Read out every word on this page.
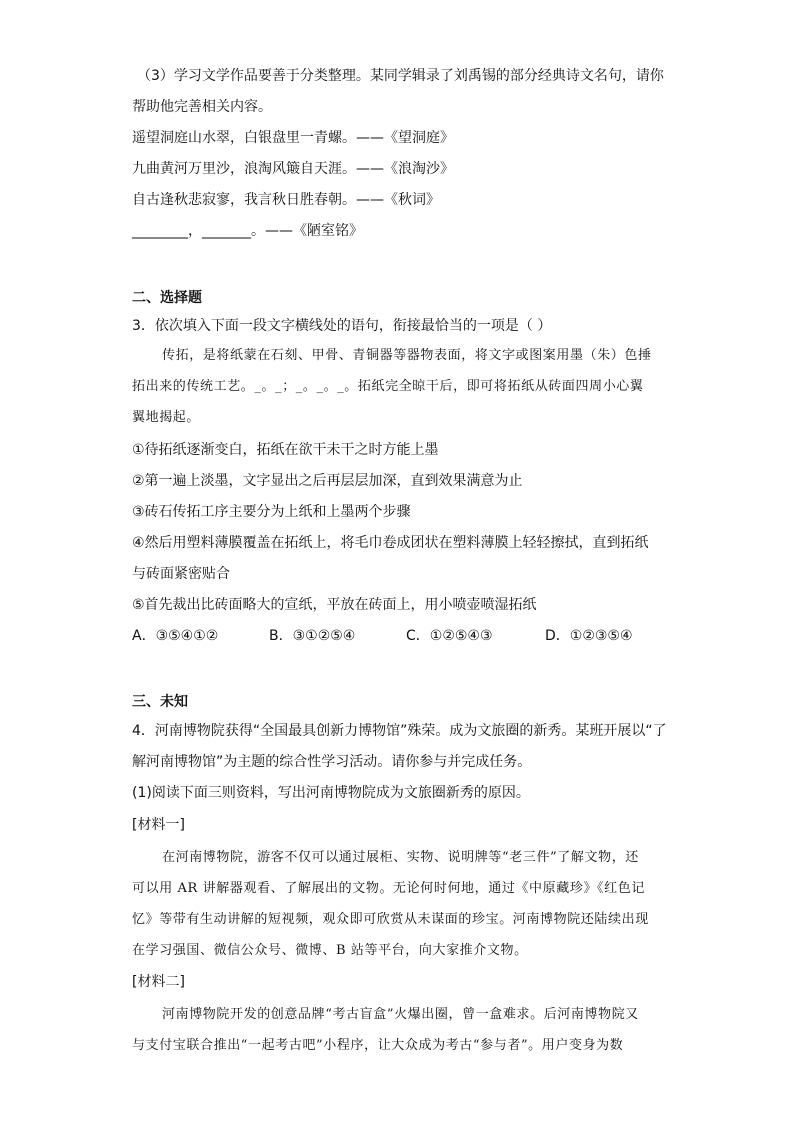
（3）学习文学作品要善于分类整理。某同学辑录了刘禹锡的部分经典诗文名句，请你
帮助他完善相关内容。
遥望洞庭山水翠，白银盘里一青螺。——《望洞庭》
九曲黄河万里沙，浪淘风簸自天涯。——《浪淘沙》
自古逢秋悲寂寥，我言秋日胜春朝。——《秋词》
________，_______。——《陋室铭》
二、选择题
3．依次填入下面一段文字横线处的语句，衔接最恰当的一项是（ ）
传拓，是将纸蒙在石刻、甲骨、青铜器等器物表面，将文字或图案用墨（朱）色捶
拓出来的传统工艺。_。_；_。_。_。拓纸完全晾干后，即可将拓纸从砖面四周小心翼
翼地揭起。
①待拓纸逐渐变白，拓纸在欲干未干之时方能上墨
②第一遍上淡墨，文字显出之后再层层加深，直到效果满意为止
③砖石传拓工序主要分为上纸和上墨两个步骤
④然后用塑料薄膜覆盖在拓纸上，将毛巾卷成团状在塑料薄膜上轻轻擦拭，直到拓纸
与砖面紧密贴合
⑤首先裁出比砖面略大的宣纸，平放在砖面上，用小喷壶喷湿拓纸
A．③⑤④①②	B．③①②⑤④	C．①②⑤④③	D．①②③⑤④
三、未知
4．河南博物院获得“全国最具创新力博物馆”殊荣。成为文旅圈的新秀。某班开展以“了
解河南博物馆”为主题的综合性学习活动。请你参与并完成任务。
(1)阅读下面三则资料，写出河南博物院成为文旅圈新秀的原因。
[材料一]
在河南博物院，游客不仅可以通过展柜、实物、说明牌等“老三件”了解文物，还
可以用 AR 讲解器观看、了解展出的文物。无论何时何地，通过《中原藏珍》《红色记
忆》等带有生动讲解的短视频，观众即可欣赏从未谋面的珍宝。河南博物院还陆续出现
在学习强国、微信公众号、微博、B 站等平台，向大家推介文物。
[材料二]
河南博物院开发的创意品牌“考古盲盒”火爆出圈，曾一盒难求。后河南博物院又
与支付宝联合推出“一起考古吧”小程序，让大众成为考古“参与者”。用户变身为数
